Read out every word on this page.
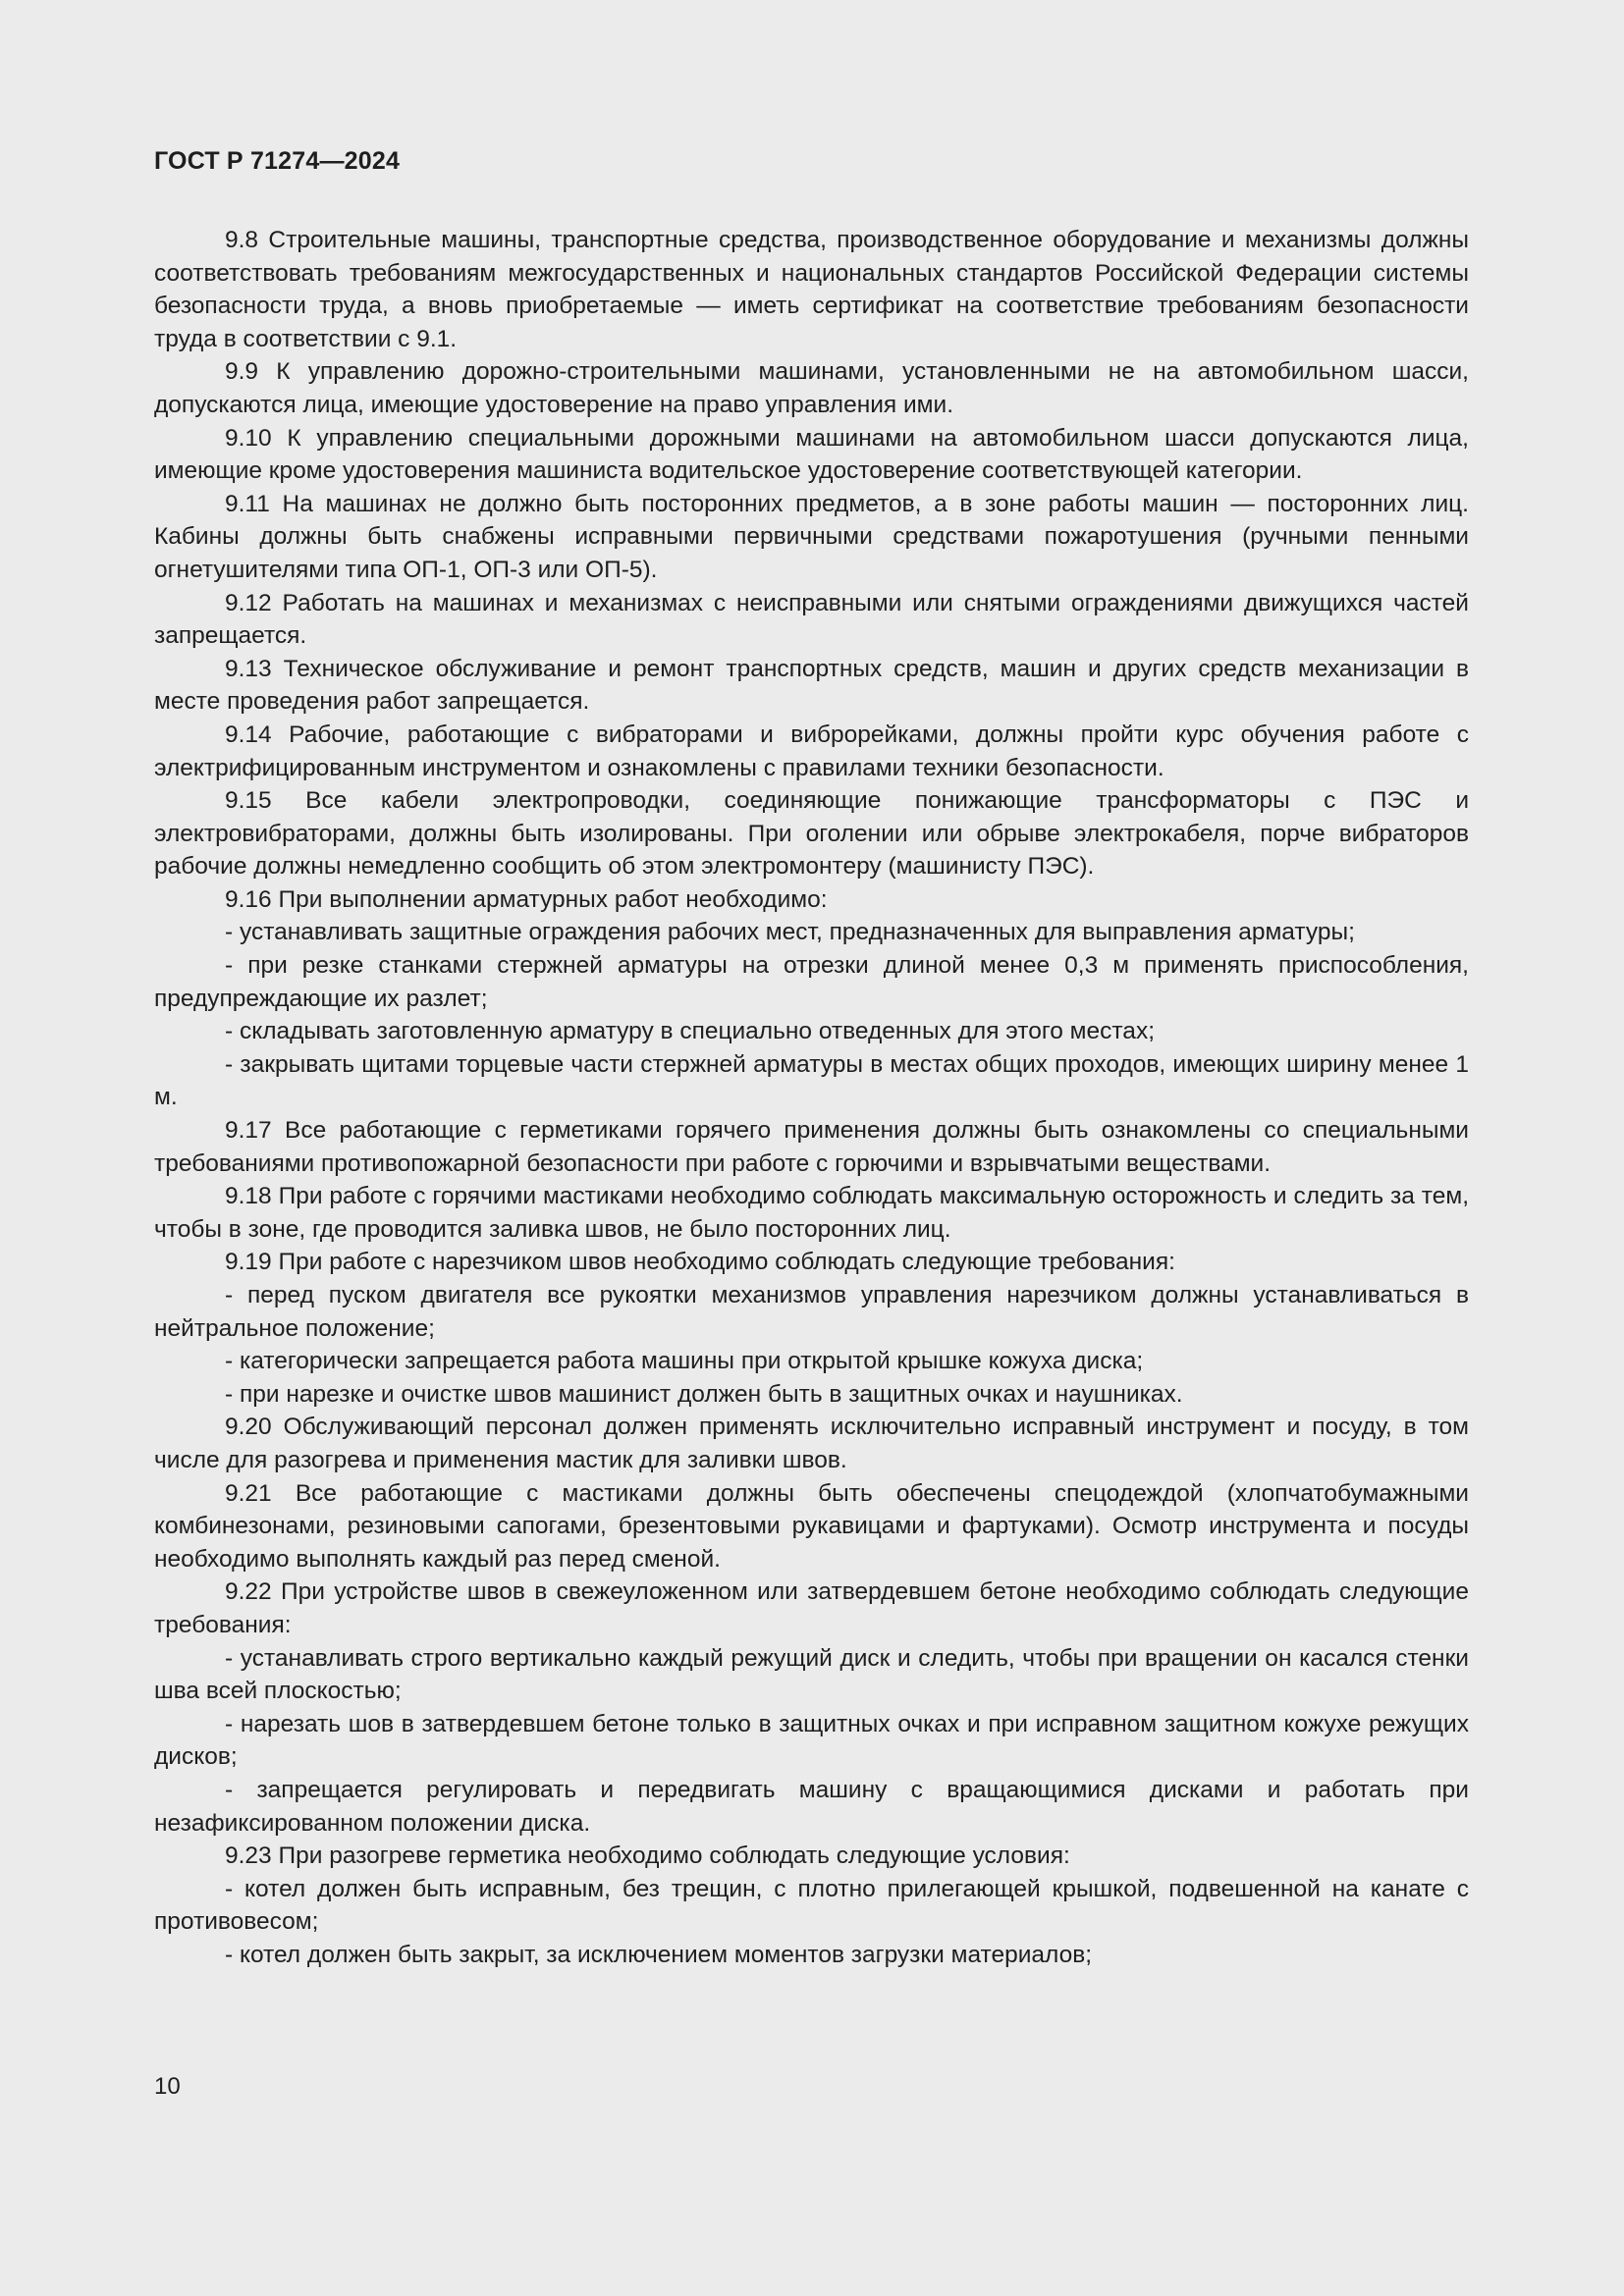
ГОСТ Р 71274—2024

9.8 Строительные машины, транспортные средства, производственное оборудование и механизмы должны соответствовать требованиям межгосударственных и национальных стандартов Российской Федерации системы безопасности труда, а вновь приобретаемые — иметь сертификат на соответствие требованиям безопасности труда в соответствии с 9.1.

9.9 К управлению дорожно-строительными машинами, установленными не на автомобильном шасси, допускаются лица, имеющие удостоверение на право управления ими.

9.10 К управлению специальными дорожными машинами на автомобильном шасси допускаются лица, имеющие кроме удостоверения машиниста водительское удостоверение соответствующей категории.

9.11 На машинах не должно быть посторонних предметов, а в зоне работы машин — посторонних лиц. Кабины должны быть снабжены исправными первичными средствами пожаротушения (ручными пенными огнетушителями типа ОП-1, ОП-3 или ОП-5).

9.12 Работать на машинах и механизмах с неисправными или снятыми ограждениями движущихся частей запрещается.

9.13 Техническое обслуживание и ремонт транспортных средств, машин и других средств механизации в месте проведения работ запрещается.

9.14 Рабочие, работающие с вибраторами и виброрейками, должны пройти курс обучения работе с электрифицированным инструментом и ознакомлены с правилами техники безопасности.

9.15 Все кабели электропроводки, соединяющие понижающие трансформаторы с ПЭС и электровибраторами, должны быть изолированы. При оголении или обрыве электрокабеля, порче вибраторов рабочие должны немедленно сообщить об этом электромонтеру (машинисту ПЭС).

9.16 При выполнении арматурных работ необходимо:

- устанавливать защитные ограждения рабочих мест, предназначенных для выправления арматуры;

- при резке станками стержней арматуры на отрезки длиной менее 0,3 м применять приспособления, предупреждающие их разлет;

- складывать заготовленную арматуру в специально отведенных для этого местах;

- закрывать щитами торцевые части стержней арматуры в местах общих проходов, имеющих ширину менее 1 м.

9.17 Все работающие с герметиками горячего применения должны быть ознакомлены со специальными требованиями противопожарной безопасности при работе с горючими и взрывчатыми веществами.

9.18 При работе с горячими мастиками необходимо соблюдать максимальную осторожность и следить за тем, чтобы в зоне, где проводится заливка швов, не было посторонних лиц.

9.19 При работе с нарезчиком швов необходимо соблюдать следующие требования:

- перед пуском двигателя все рукоятки механизмов управления нарезчиком должны устанавливаться в нейтральное положение;

- категорически запрещается работа машины при открытой крышке кожуха диска;

- при нарезке и очистке швов машинист должен быть в защитных очках и наушниках.

9.20 Обслуживающий персонал должен применять исключительно исправный инструмент и посуду, в том числе для разогрева и применения мастик для заливки швов.

9.21 Все работающие с мастиками должны быть обеспечены спецодеждой (хлопчатобумажными комбинезонами, резиновыми сапогами, брезентовыми рукавицами и фартуками). Осмотр инструмента и посуды необходимо выполнять каждый раз перед сменой.

9.22 При устройстве швов в свежеуложенном или затвердевшем бетоне необходимо соблюдать следующие требования:

- устанавливать строго вертикально каждый режущий диск и следить, чтобы при вращении он касался стенки шва всей плоскостью;

- нарезать шов в затвердевшем бетоне только в защитных очках и при исправном защитном кожухе режущих дисков;

- запрещается регулировать и передвигать машину с вращающимися дисками и работать при незафиксированном положении диска.

9.23 При разогреве герметика необходимо соблюдать следующие условия:

- котел должен быть исправным, без трещин, с плотно прилегающей крышкой, подвешенной на канате с противовесом;

- котел должен быть закрыт, за исключением моментов загрузки материалов;

10
